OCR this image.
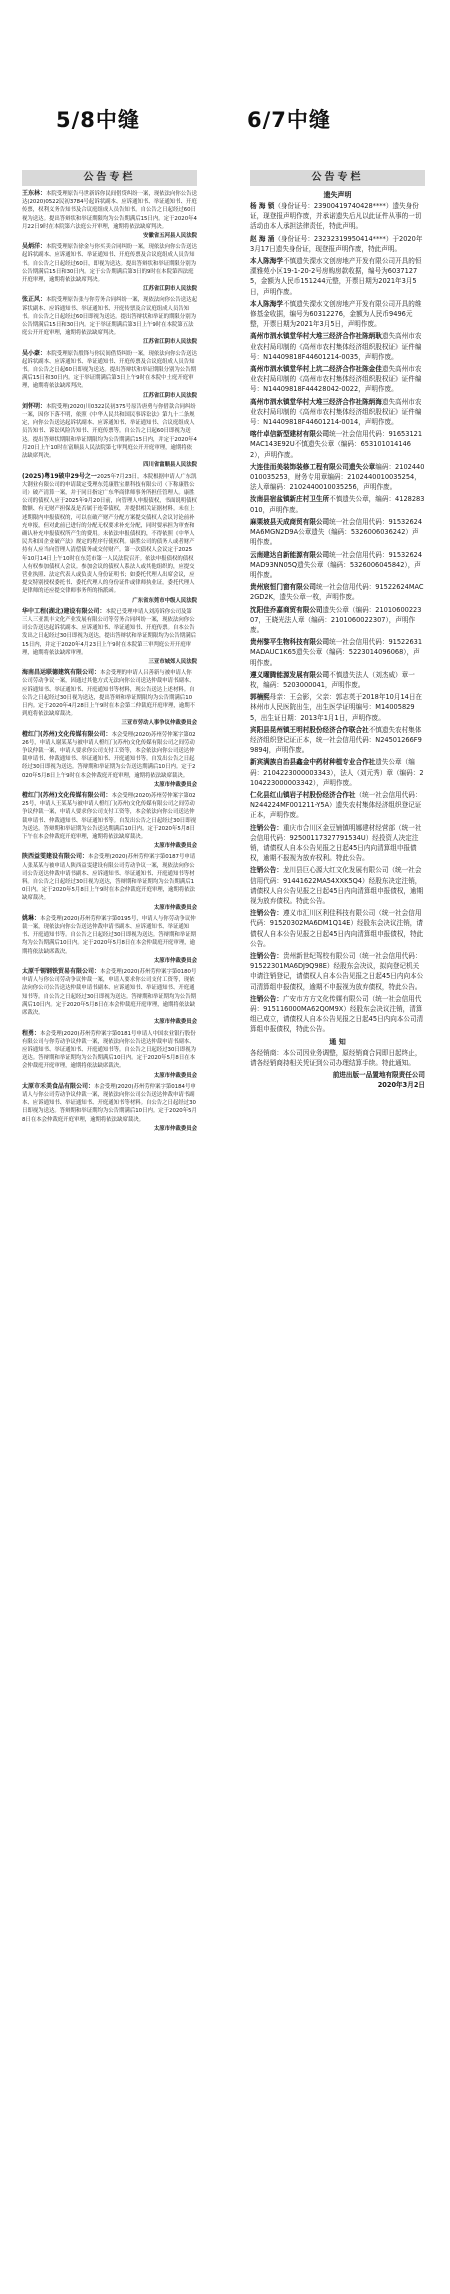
5/8中缝	6/7中缝
公告专栏
王东林：本院受理原告马世新诉你民间借贷纠纷一案，现依法向你公告送达(2020)0522民初3784号起诉状副本、应诉通知书、举证通知书、开庭传票，权利义务告知书及合议庭组成人员告知书。自公告之日起经过60日视为送达。提出答辩状和举证期限均为公告期满后15日内。定于2020年4月22日9时在本院第六法庭公开审理，逾期将依法缺席判决。
安徽省五河县人民法院
吴炳洋：本院受理原告徐金与你买卖合同纠纷一案，现依法向你公告送达起诉状副本、应诉通知书、举证通知书、开庭传票及合议庭组成人员告知书。自公告之日起经过60日，即视为送达。提出答辩状和举证期限分别为公告期满后15日和30日内。定于公告期满后第3日的9时在本院第四法庭开庭审理，逾期将依法缺席判决。
江苏省江阴市人民法院
张正风：本院受理原告张与你劳务合同纠纷一案，现依法向你公告送达起诉状副本、应诉通知书、举证通知书、开庭传票及合议庭组成人员告知书。自公告之日起经过60日即视为送达。提出答辩状和举证的期限分别为公告期满后15日和30日内。定于举证期满后第3日上午9时在本院第五法庭公开开庭审理，逾期将依法缺席判决。
江苏省江阴市人民法院
吴小豪：本院受理原告殷锋与你民间借贷纠纷一案，现依法向你公告送达起诉状副本、应诉通知书、举证通知书、开庭传票及合议庭组成人员告知书。自公告之日起60日即视为送达。提出答辩状和举证期限分别为公告期满后15日和30日内。定于举证期满后第3日上午9时在本院中土庭开庭审理，逾期将依法缺席判决。
江苏省江阴市人民法院
刘怀明：本院受理(2020)川0322民初375号原告唐勇与你借款合同纠纷一案，因你下落不明，依照《中华人民共和国民事诉讼法》第九十二条规定，向你公告送达起诉状副本、应诉通知书、举证通知书、合议庭组成人员告知书、诉讼风险告知书、开庭传票等。自公告之日起60日即视为送达。提出答辩状期限和举证期限均为公告期满后15日内，并定于2020年4月20日上午10时在富顺县人民法院第七审判庭公开开庭审理，逾期将依法缺席判决。
四川省富顺县人民法院
(2025)粤19破申29号之一2025年7月23日，本院根据申请人广东凯大钢业有限公司的申请裁定受理东莞康胜宝鼎科技有限公司（下称康胜公司）破产清算一案，并于同日指定广东华商律师事务所担任管理人。康胜公司的债权人应于2025年9月20日前，向管理人申报债权，书面说明债权数额、有无财产担保及是否属于连带债权，并提供相关证据材料。未在上述期限内申报债权的，可以在破产财产分配方案提交债权人会议讨论前补充申报，但对此前已进行的分配无权要求补充分配，同时要承担为审查和确认补充申报债权所产生的费用。未依法申报债权的，不得依照《中华人民共和国企业破产法》规定的程序行使权利。康胜公司的债务人或者财产持有人应当向管理人清偿债务或交付财产。第一次债权人会议定于2025年10月14日上午10时在东莞市第一人民法院召开。依法申报债权的债权人有权参加债权人会议。参加会议的债权人系法人或其他组织的，应提交营业执照、法定代表人或负责人身份证明书；如委托代理人出席会议，应提交特别授权委托书、委托代理人的身份证件或律师执业证，委托代理人是律师的还应提交律师事务所的指派函。
广东省东莞市中级人民法院
华中工程(湖北)建设有限公司：本院已受理申请人刘涛诉你公司及第三人三亚凯丰文化产业发展有限公司等劳务合同纠纷一案，现依法向你公司公告送达起诉状副本、应诉通知书、举证通知书、开庭传票。自本公告发出之日起经过30日即视为送达，提出答辩状和举证期限均为公告期满后15日内，并定于2020年4月23日上午9时在本院第三审判庭公开开庭审理，逾期将依法缺席审理。
三亚市城郊人民法院
海南昌运联德建筑有限公司：本会受理的申请人吕善新与被申请人你公司劳动争议一案，因通过其他方式无法向你公司送达仲裁申请书副本、应诉通知书、举证通知书、开庭通知书等材料，现公告送达上述材料。自公告之日起经过30日视为送达，提出答辩和举证期限均为公告期满后10日内。定于2020年4月28日上午9时在本会第二仲裁庭开庭审理，逾期不到庭将依法缺席裁决。
三亚市劳动人事争议仲裁委员会
橙红门(苏州)文化传媒有限公司：本会受理(2020)苏州劳仲案字第0226号，申请人谢某某与被申请人橙红门(苏州)文化传媒有限公司之间劳动争议仲裁一案，申请人要求你公司支付工资等，本会依法向你公司送达仲裁申请书、仲裁通知书、举证通知书、开庭通知书等。自发出公告之日起经过30日即视为送达。答辩期和举证期为公告送达期满后10日内。定于2020年5月8日上午9时在本会仲裁庭开庭审理，逾期将依法缺席裁决。
太原市仲裁委员会
橙红门(苏州)文化传媒有限公司：本会受理(2020)苏州劳仲案字第0225号，申请人王某某与被申请人橙红门(苏州)文化传媒有限公司之间劳动争议仲裁一案，申请人要求你公司支付工资等，本会依法向你公司送达仲裁申请书、仲裁通知书、举证通知书等。自发出公告之日起经过30日即视为送达。答辩期和举证期为公告送达期满后10日内。定于2020年5月8日下午在本会仲裁庭开庭审理，逾期将依法缺席裁决。
太原市仲裁委员会
陕西益雯建设有限公司：本会受理(2020)苏州劳仲案字第0187号申请人张某某与被申请人陕西益雯建设有限公司劳动争议一案，现依法向你公司公告送达仲裁申请书副本、应诉通知书、举证通知书、开庭通知书等材料。自公告之日起经过30日视为送达，答辩期和举证期均为公告期满后10日内。定于2020年5月8日上午9时在本会仲裁庭开庭审理，逾期将依法缺席裁决。
太原市仲裁委员会
姚琳：本会受理(2020)苏州劳仲案字第0195号，申请人与你劳动争议仲裁一案，现依法向你公告送达仲裁申请书副本、应诉通知书、举证通知书、开庭通知书等。自公告之日起经过30日即视为送达。答辩期和举证期均为公告期满后10日内。定于2020年5月8日在本会仲裁庭开庭审理，逾期将依法缺席裁决。
太原市仲裁委员会
太原千锡钢铁贸易有限公司：本会受理(2020)苏州劳仲案字第0180号申请人与你公司劳动争议仲裁一案，申请人要求你公司支付工资等，现依法向你公司公告送达仲裁申请书副本、应诉通知书、举证通知书、开庭通知书等。自公告之日起经过30日即视为送达。答辩期和举证期均为公告期满后10日内。定于2020年5月8日在本会仲裁庭开庭审理，逾期将依法缺席裁决。
太原市仲裁委员会
程勇：本会受理(2020)苏州劳仲案字第0181号申请人中国农业银行股份有限公司与你劳动争议仲裁一案，现依法向你公告送达仲裁申请书副本、应诉通知书、举证通知书、开庭通知书等。自公告之日起经过30日即视为送达。答辩期和举证期均为公告期满后10日内。定于2020年5月8日在本会仲裁庭开庭审理，逾期将依法缺席裁决。
太原市仲裁委员会
太原市禾美食品有限公司：本会受理(2020)苏州劳仲案字第0184号申请人与你公司劳动争议仲裁一案，现依法向你公司公告送达仲裁申请书副本、应诉通知书、举证通知书、开庭通知书等材料。自公告之日起经过30日即视为送达。答辩期和举证期均为公告期满后10日内。定于2020年5月8日在本会仲裁庭开庭审理，逾期将依法缺席裁决。
太原市仲裁委员会
公告专栏
遗失声明
杨 海 锁（身份证号：23900419740428****）遗失身份证，现登报声明作废，并承诺遗失后凡以此证件从事的一切活动由本人承担法律责任，特此声明。
赵 海 涌（身份证号：23232319950414****）于2020年3月17日遗失身份证，现登报声明作废，特此声明。
本人陈海学不慎遗失溧水文创房地产开发有限公司开具的恒溧雅苑小区19-1-20-2号房购房款收据，编号为60371275，金额为人民币151244元整，开票日期为2021年3月5日，声明作废。
本人陈海学不慎遗失溧水文创房地产开发有限公司开具的维修基金收据，编号为60312276，金额为人民币9496元整，开票日期为2021年3月5日，声明作废。
高州市泗水镇堂华村大堆三经济合作社陈炳耿遗失高州市农业农村局印制的《高州市农村集体经济组织股权证》证件编号：N14409818F44601214-0035，声明作废。
高州市泗水镇堂华村上坑二经济合作社陈金佳遗失高州市农业农村局印制的《高州市农村集体经济组织股权证》证件编号：N14409818F44428042-0022，声明作废。
高州市泗水镇堂华村大堆三经济合作社陈炳海遗失高州市农业农村局印制的《高州市农村集体经济组织股权证》证件编号：N14409818F44601214-0014，声明作废。
喀什卓信新型建材有限公司统一社会信用代码：91653121MAC143E92U不慎遗失公章（编码：6531010141462），声明作废。
大连佳而美装饰装修工程有限公司遗失公章编码：2102440010035253，财务专用章编码：2102440010035254，法人章编码：2102440010035256，声明作废。
汝南县宿盆镇新庄村卫生所不慎遗失公章，编码：4128283010，声明作废。
麻栗坡县天成商贸有限公司统一社会信用代码：91532624MA6MGN2D9A公章遗失（编码：5326006036242）声明作废。
云南建达自新能源有限公司统一社会信用代码：91532624MAD93NN05Q遗失公章（编码：5326006045842），声明作废。
贵州宸恒门窗有限公司统一社会信用代码：91522624MAC2GD2K，遗失公章一枚，声明作废。
沈阳佳乔嘉商贸有限公司遗失公章（编码：2101060022307，王晓光法人章（编码：2101060022307），声明作废。
贵州黎平生物科技有限公司统一社会信用代码：91522631MADAUC1K65遗失公章（编码：5223014096068），声明作废。
遵义曜腾能源发展有限公司不慎遗失法人（刘杰威）章一枚，编码：5203000041，声明作废。
郭楠熙母亲：王会影，父亲：郭志英于2018年10月14日在林州市人民医院出生，出生医学证明编号：M140058295，出生证日期：2013年1月1日，声明作废。
宾阳县昆州镇王明村股份经济合作联合社不慎遗失农村集体经济组织登记证正本，统一社会信用代码：N24501266F99894J，声明作废。
新宾满族自治县鑫金中药材种植专业合作社遗失公章（编码：2104223000003343），法人（刘元秀）章（编码：2104223000003342），声明作废。
仁化县红山镇岩子村股份经济合作社（统一社会信用代码：N244224MF001211-Y5A）遗失农村集体经济组织登记证正本，声明作废。
注销公告：重庆市合川区金豆铺镇明娜建材经营部（统一社会信用代码：92500117327791534U）经投资人决定注销，请债权人自本公告见报之日起45日内向清算组申报债权，逾期不报视为放弃权利。特此公告。
注销公告：龙川县巨心源大红文化发展有限公司（统一社会信用代码：91441622MA54XXK5Q4）经股东决定注销，请债权人自公告见报之日起45日内向清算组申报债权，逾期视为放弃债权。特此公告。
注销公告：遵义市汇川区利佳科技有限公司（统一社会信用代码：91520302MA6DM1Q14E）经股东会决议注销，请债权人自本公告见报之日起45日内向清算组申报债权，特此公告。
注销公告：贵州新世纪驾校有限公司（统一社会信用代码：91522301MA6DJ9Q98E）经股东会决议，拟向登记机关申请注销登记，请债权人自本公告见报之日起45日内向本公司清算组申报债权，逾期不申报视为放弃债权，特此公告。
注销公告：广安市方方文化传媒有限公司（统一社会信用代码：915116000MA62Q0M9X）经股东会决议注销，清算组已成立，请债权人自本公告见报之日起45日内向本公司清算组申报债权，特此公告。
通 知
各经销商：本公司因业务调整，原经销商合同即日起终止，请各经销商持相关凭证到公司办理结算手续。特此通知。
前进出版一品置地有限责任公司
2020年3月2日
